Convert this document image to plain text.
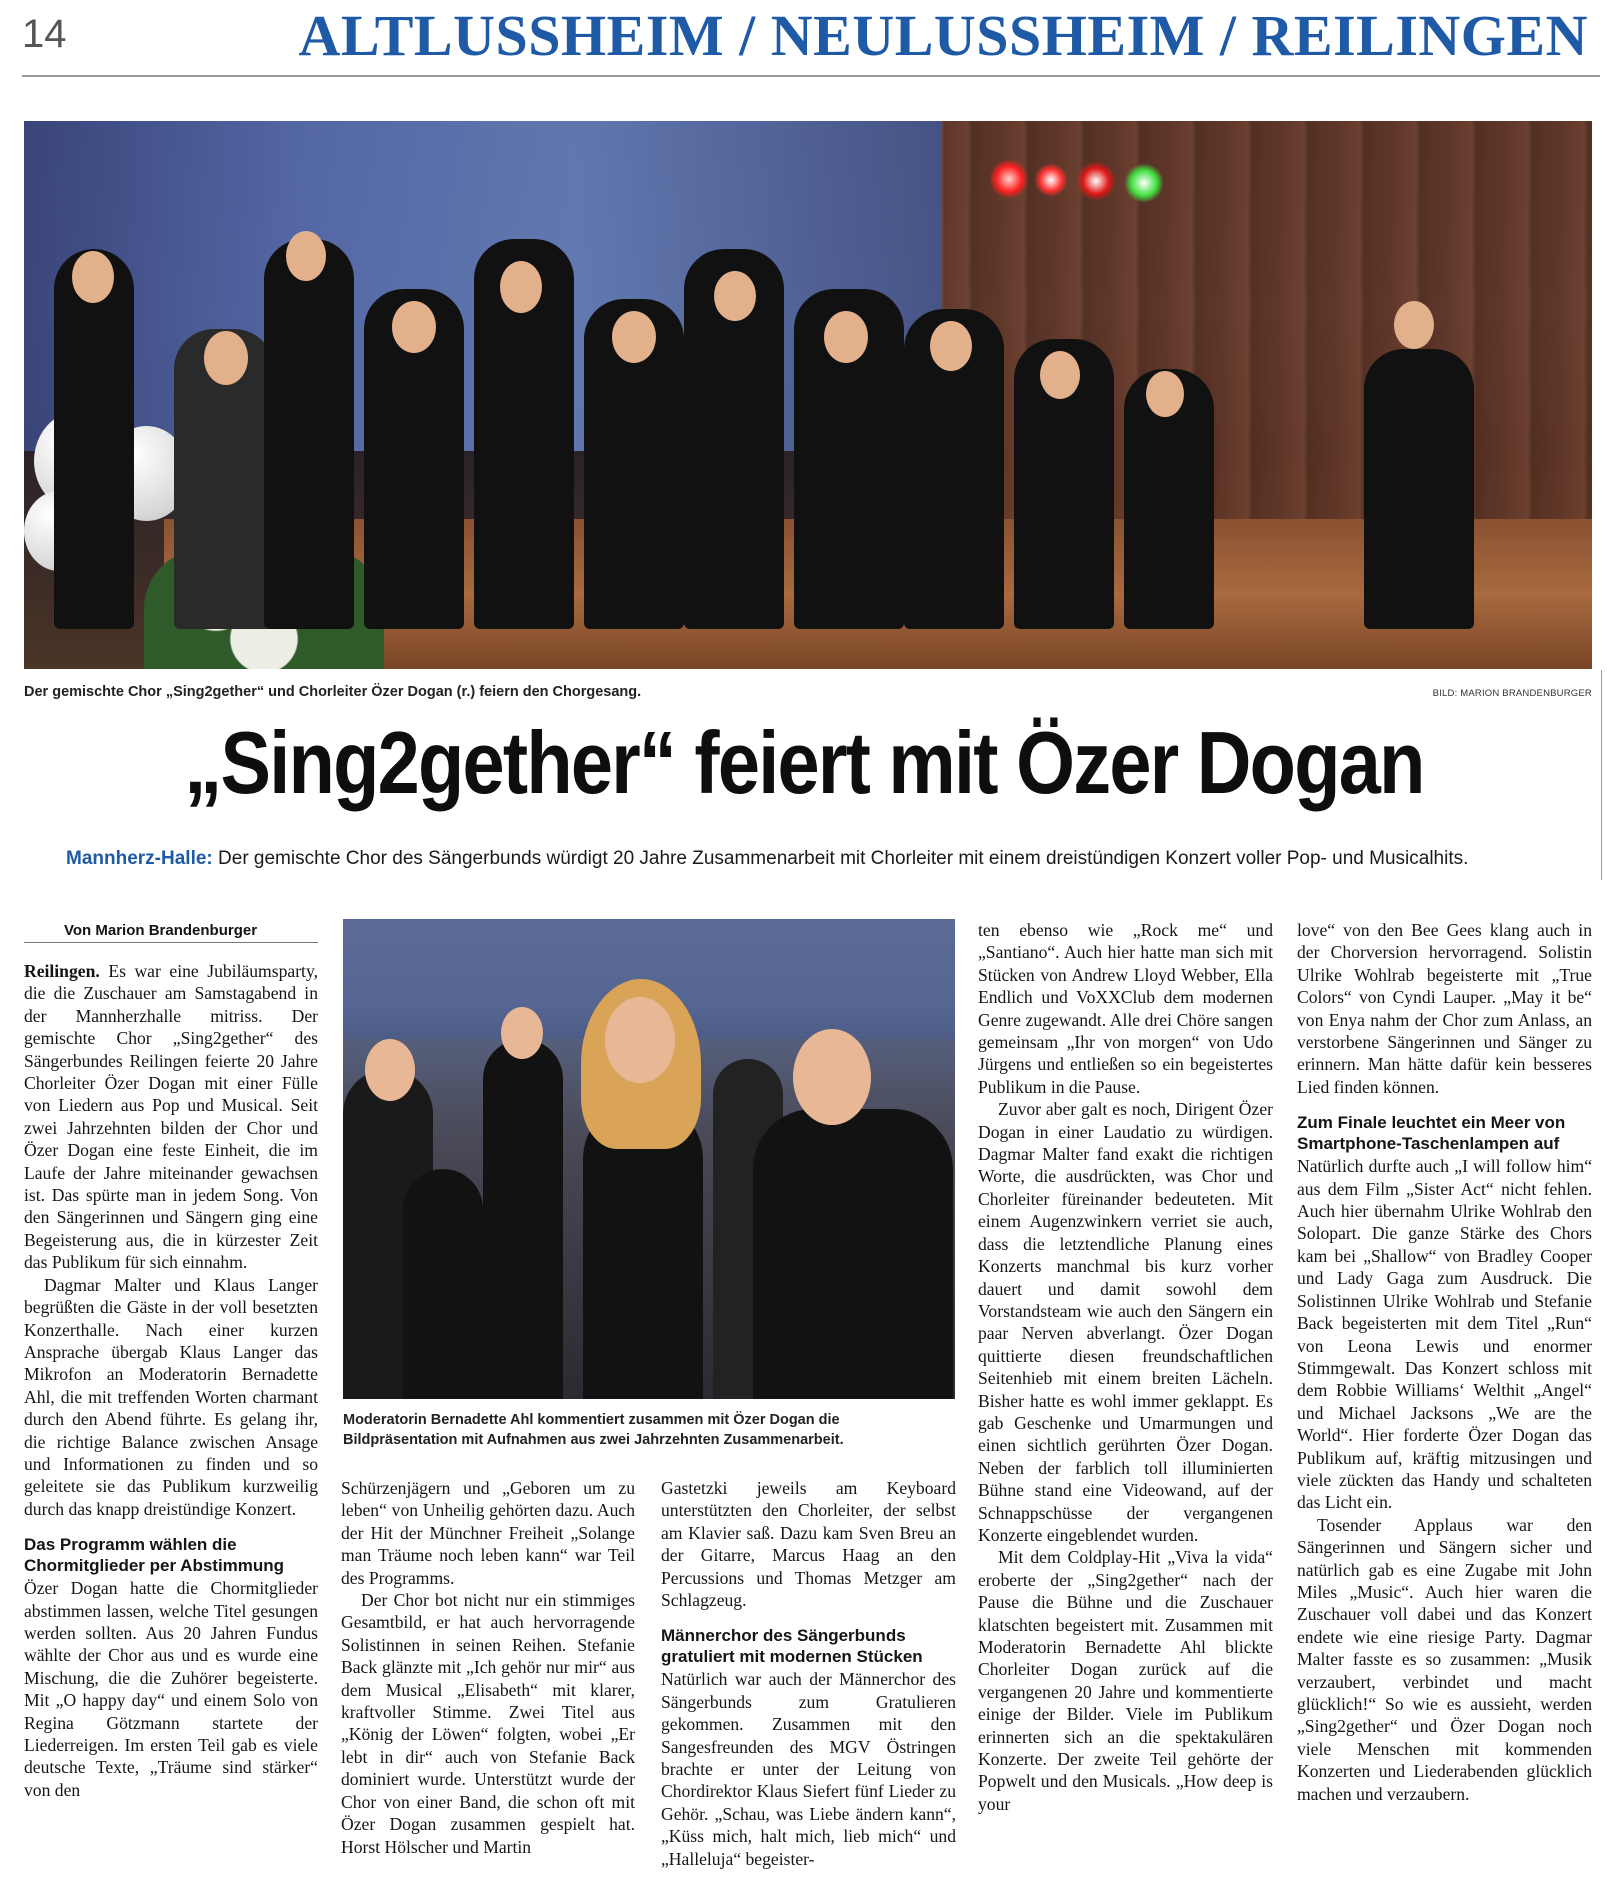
14	ALTLUSSHEIM / NEULUSSHEIM / REILINGEN
Der gemischte Chor „Sing2gether“ und Chorleiter Özer Dogan (r.) feiern den Chorgesang.	BILD: MARION BRANDENBURGER
„Sing2gether“ feiert mit Özer Dogan
Mannherz-Halle: Der gemischte Chor des Sängerbunds würdigt 20 Jahre Zusammenarbeit mit Chorleiter mit einem dreistündigen Konzert voller Pop- und Musicalhits.
Von Marion Brandenburger

Reilingen. Es war eine Jubiläumsparty, die die Zuschauer am Samstagabend in der Mannherzhalle mitriss. Der gemischte Chor „Sing2gether“ des Sängerbundes Reilingen feierte 20 Jahre Chorleiter Özer Dogan mit einer Fülle von Liedern aus Pop und Musical. Seit zwei Jahrzehnten bilden der Chor und Özer Dogan eine feste Einheit, die im Laufe der Jahre miteinander gewachsen ist. Das spürte man in jedem Song. Von den Sängerinnen und Sängern ging eine Begeisterung aus, die in kürzester Zeit das Publikum für sich einnahm.

Dagmar Malter und Klaus Langer begrüßten die Gäste in der voll besetzten Konzerthalle. Nach einer kurzen Ansprache übergab Klaus Langer das Mikrofon an Moderatorin Bernadette Ahl, die mit treffenden Worten charmant durch den Abend führte. Es gelang ihr, die richtige Balance zwischen Ansage und Informationen zu finden und so geleitete sie das Publikum kurzweilig durch das knapp dreistündige Konzert.

Das Programm wählen die Chormitglieder per Abstimmung

Özer Dogan hatte die Chormitglieder abstimmen lassen, welche Titel gesungen werden sollten. Aus 20 Jahren Fundus wählte der Chor aus und es wurde eine Mischung, die die Zuhörer begeisterte. Mit „O happy day“ und einem Solo von Regina Götzmann startete der Liederreigen. Im ersten Teil gab es viele deutsche Texte, „Träume sind stärker“ von den

Moderatorin Bernadette Ahl kommentiert zusammen mit Özer Dogan die Bildpräsentation mit Aufnahmen aus zwei Jahrzehnten Zusammenarbeit.

Schürzenjägern und „Geboren um zu leben“ von Unheilig gehörten dazu. Auch der Hit der Münchner Freiheit „Solange man Träume noch leben kann“ war Teil des Programms.

Der Chor bot nicht nur ein stimmiges Gesamtbild, er hat auch hervorragende Solistinnen in seinen Reihen. Stefanie Back glänzte mit „Ich gehör nur mir“ aus dem Musical „Elisabeth“ mit klarer, kraftvoller Stimme. Zwei Titel aus „König der Löwen“ folgten, wobei „Er lebt in dir“ auch von Stefanie Back dominiert wurde. Unterstützt wurde der Chor von einer Band, die schon oft mit Özer Dogan zusammen gespielt hat. Horst Hölscher und Martin

Gastetzki jeweils am Keyboard unterstützten den Chorleiter, der selbst am Klavier saß. Dazu kam Sven Breu an der Gitarre, Marcus Haag an den Percussions und Thomas Metzger am Schlagzeug.

Männerchor des Sängerbunds gratuliert mit modernen Stücken

Natürlich war auch der Männerchor des Sängerbunds zum Gratulieren gekommen. Zusammen mit den Sangesfreunden des MGV Östringen brachte er unter der Leitung von Chordirektor Klaus Siefert fünf Lieder zu Gehör. „Schau, was Liebe ändern kann“, „Küss mich, halt mich, lieb mich“ und „Halleluja“ begeister-

ten ebenso wie „Rock me“ und „Santiano“. Auch hier hatte man sich mit Stücken von Andrew Lloyd Webber, Ella Endlich und VoXXClub dem modernen Genre zugewandt. Alle drei Chöre sangen gemeinsam „Ihr von morgen“ von Udo Jürgens und entließen so ein begeistertes Publikum in die Pause.

Zuvor aber galt es noch, Dirigent Özer Dogan in einer Laudatio zu würdigen. Dagmar Malter fand exakt die richtigen Worte, die ausdrückten, was Chor und Chorleiter füreinander bedeuteten. Mit einem Augenzwinkern verriet sie auch, dass die letztendliche Planung eines Konzerts manchmal bis kurz vorher dauert und damit sowohl dem Vorstandsteam wie auch den Sängern ein paar Nerven abverlangt. Özer Dogan quittierte diesen freundschaftlichen Seitenhieb mit einem breiten Lächeln. Bisher hatte es wohl immer geklappt. Es gab Geschenke und Umarmungen und einen sichtlich gerührten Özer Dogan. Neben der farblich toll illuminierten Bühne stand eine Videowand, auf der Schnappschüsse der vergangenen Konzerte eingeblendet wurden.

Mit dem Coldplay-Hit „Viva la vida“ eroberte der „Sing2gether“ nach der Pause die Bühne und die Zuschauer klatschten begeistert mit. Zusammen mit Moderatorin Bernadette Ahl blickte Chorleiter Dogan zurück auf die vergangenen 20 Jahre und kommentierte einige der Bilder. Viele im Publikum erinnerten sich an die spektakulären Konzerte. Der zweite Teil gehörte der Popwelt und den Musicals. „How deep is your

love“ von den Bee Gees klang auch in der Chorversion hervorragend. Solistin Ulrike Wohlrab begeisterte mit „True Colors“ von Cyndi Lauper. „May it be“ von Enya nahm der Chor zum Anlass, an verstorbene Sängerinnen und Sänger zu erinnern. Man hätte dafür kein besseres Lied finden können.

Zum Finale leuchtet ein Meer von Smartphone-Taschenlampen auf

Natürlich durfte auch „I will follow him“ aus dem Film „Sister Act“ nicht fehlen. Auch hier übernahm Ulrike Wohlrab den Solopart. Die ganze Stärke des Chors kam bei „Shallow“ von Bradley Cooper und Lady Gaga zum Ausdruck. Die Solistinnen Ulrike Wohlrab und Stefanie Back begeisterten mit dem Titel „Run“ von Leona Lewis und enormer Stimmgewalt. Das Konzert schloss mit dem Robbie Williams‘ Welthit „Angel“ und Michael Jacksons „We are the World“. Hier forderte Özer Dogan das Publikum auf, kräftig mitzusingen und viele zückten das Handy und schalteten das Licht ein.

Tosender Applaus war den Sängerinnen und Sängern sicher und natürlich gab es eine Zugabe mit John Miles „Music“. Auch hier waren die Zuschauer voll dabei und das Konzert endete wie eine riesige Party. Dagmar Malter fasste es so zusammen: „Musik verzaubert, verbindet und macht glücklich!“ So wie es aussieht, werden „Sing2gether“ und Özer Dogan noch viele Menschen mit kommenden Konzerten und Liederabenden glücklich machen und verzaubern.
